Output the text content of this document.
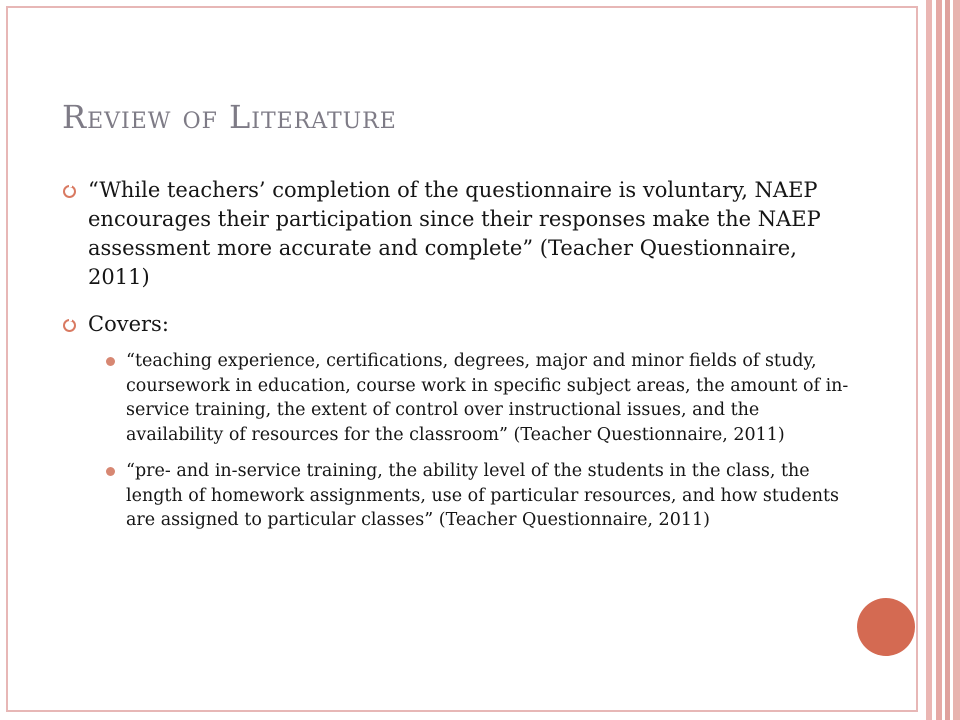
Review of Literature
“While teachers’ completion of the questionnaire is voluntary, NAEP encourages their participation since their responses make the NAEP assessment more accurate and complete” (Teacher Questionnaire, 2011)
Covers:
“teaching experience, certifications, degrees, major and minor fields of study, coursework in education, course work in specific subject areas, the amount of in-service training, the extent of control over instructional issues, and the availability of resources for the classroom” (Teacher Questionnaire, 2011)
“pre- and in-service training, the ability level of the students in the class, the length of homework assignments, use of particular resources, and how students are assigned to particular classes” (Teacher Questionnaire, 2011)
